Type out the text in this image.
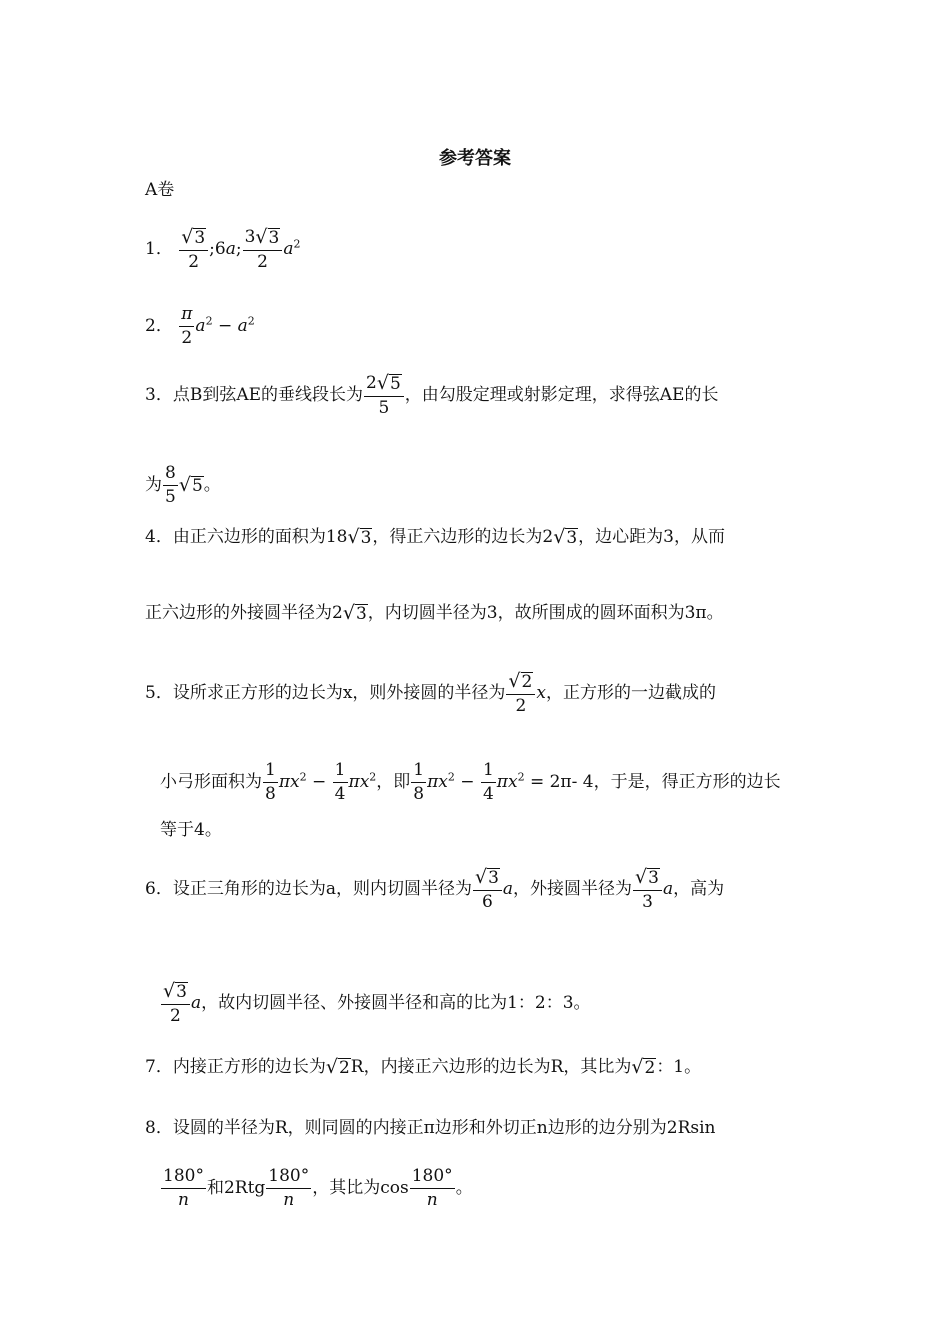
参考答案
A卷
1． $\frac{√ 3}{2}$ ;6a; $\frac{3 √ 3}{2} a^2$
2． $\frac{\pi}{2} a^2 - a^2$
3．点B到弦AE的垂线段长为 $\frac{2 √ 5}{5}$ ，由勾股定理或射影定理，求得弦AE的长
为 $\frac{8}{5}$ √ 5 。
4．由正六边形的面积为18 √ 3 ，得正六边形的边长为2 √ 3 ，边心距为3，从而
正六边形的外接圆半径为2 √ 3 ，内切圆半径为3，故所围成的圆环面积为3π。
5．设所求正方形的边长为x，则外接圆的半径为 $\frac{√ 2}{2}$ x，正方形的一边截成的
小弓形面积为 $\frac{1}{8} \pi x^2 - \frac{1}{4} \pi x^2$，即 $\frac{1}{8} \pi x^2 - \frac{1}{4} \pi x^2 = 2\pi-$ 4，于是，得正方形的边长
等于4。
6．设正三角形的边长为a，则内切圆半径为 $\frac{√ 3}{6}$ a，外接圆半径为 $\frac{√ 3}{3}$ a，高为
$\frac{√ 3}{2}$ a，故内切圆半径、外接圆半径和高的比为1：2：3。
7．内接正方形的边长为 √ 2 R，内接正六边形的边长为R，其比为 √ 2 ：1。
8．设圆的半径为R，则同圆的内接正π边形和外切正n边形的边分别为2Rsin
$\frac{180^\circ}{n}$ 和$2Rtg \frac{180^\circ}{n}$ ，其比为$\cos \frac{180^\circ}{n}$ 。
